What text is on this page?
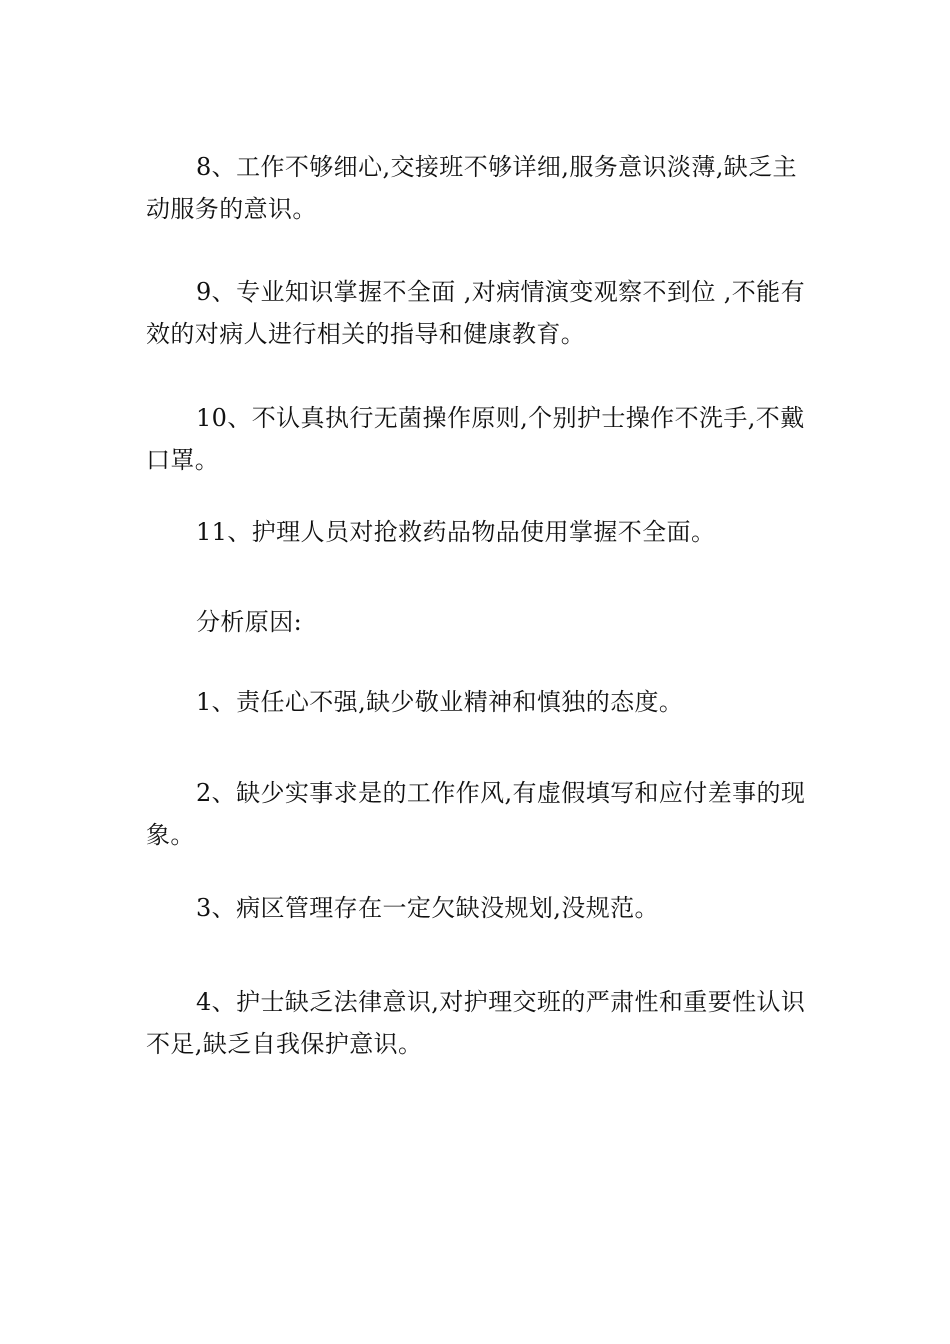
8、工作不够细心,交接班不够详细,服务意识淡薄,缺乏主动服务的意识。

9、专业知识掌握不全面 ,对病情演变观察不到位 ,不能有效的对病人进行相关的指导和健康教育。

10、不认真执行无菌操作原则,个别护士操作不洗手,不戴口罩。

11、护理人员对抢救药品物品使用掌握不全面。

分析原因:

1、责任心不强,缺少敬业精神和慎独的态度。

2、缺少实事求是的工作作风,有虚假填写和应付差事的现象。

3、病区管理存在一定欠缺没规划,没规范。

4、护士缺乏法律意识,对护理交班的严肃性和重要性认识不足,缺乏自我保护意识。
